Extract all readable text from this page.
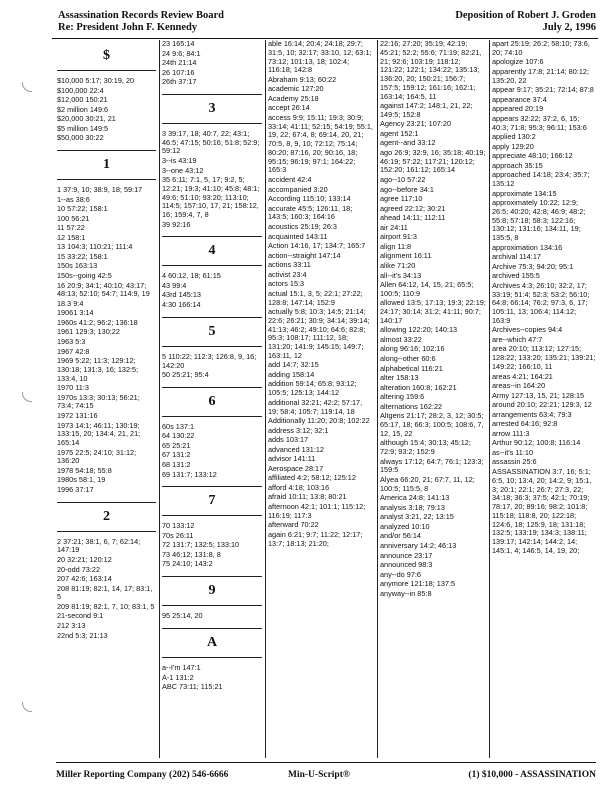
Assassination Records Review Board
Re: President John F. Kennedy
Deposition of Robert J. Groden
July 2, 1996
$
$10,000 5:17; 30:19, 20
$100,000 22:4
$12,000 150:21
$2 million 149:6
$20,000 30:21, 21
$5 million 149:5
$50,000 30:22
1
1 37:9, 10; 38:9, 18; 59:17
1--as 38:6
10 57:22; 158:1
100 56:21
11 57:22
12 158:1
13 104:3; 110:21; 111:4
15 33:22; 158:1
150s 163:13
150s--going 42:5
16 20:9; 34:1; 40:10; 43:17; 48:13; 52:10; 54:7; 114:9, 19
18.3 9:4
19061 3:14
1960s 41:2; 96:2; 136:18
1961 129:3; 130:22
1963 5:3
1967 42:8
1969 5:22; 11:3; 129:12; 130:18; 131:3, 16; 132:5; 133:4, 10
1970 11:3
1970s 13:3; 30:13; 56:21; 73:4; 74:15
1972 131:16
1973 14:1; 46:11; 130:19; 133:15, 20; 134:4, 21, 21; 165:14
1975 22:5; 24:10; 31:12; 136:20
1978 54:18; 55:8
1980s 58:1, 19
1996 37:17
2
2 37:21; 38:1, 6, 7; 62:14; 147:19
20 32:21; 120:12
20-odd 73:22
207 42:6; 163:14
208 81:19; 82:1, 14, 17; 83:1, 5
209 81:19; 82:1, 7, 10; 83:1, 5
21-second 9:1
212 3:13
22nd 5:3; 21:13
23 165:14
24 9:6; 84:1
24th 21:14
26 107:16
26th 37:17
3
3 39:17, 18; 40:7, 22; 43:1; 46:5; 47:15; 50:16; 51:8; 52:9; 59:12
3--is 43:19
3--one 43:12
35 6:11; 7:1, 5, 17; 9:2, 5; 12:21; 19:3; 41:10; 45:8; 48:1; 49:6; 51:10; 93:20; 113:10; 114:5; 157:10, 17, 21; 158:12, 16; 159:4, 7, 8
39 92:16
4
4 60:12, 18; 61:15
43 99:4
43rd 145:13
4:30 166:14
5
5 110:22; 112:3; 126:8, 9, 16; 142:20
50 25:21; 95:4
6
60s 137:1
64 130:22
65 25:21
67 131:2
68 131:2
69 131:7; 133:12
7
70 133:12
70s 26:11
72 131:7; 132:5; 133:10
73 46:12; 131:8, 8
75 24:10; 143:2
9
95 25:14, 20
A
a--I'm 147:1
A-1 131:2
ABC 73:11; 115:21
able 16:14; 20:4; 24:18; 29:7; 31:5, 10; 32:17; 33:10, 12; 63:1; 73:12; 101:13, 18; 102:4; 116:18; 142:8
Abraham 9:13; 60:22
academic 127:20
Academy 25:18
accept 26:14
access 9:9; 15:11; 19:3; 30:9; 33:14; 41:11; 52:15; 54:19; 55:1, 19, 22; 67:4, 8; 69:14, 20, 21; 70:5, 8, 9, 10; 72:12; 75:14; 80:20; 87:16, 20; 90:16, 18; 95:15; 96:19; 97:1; 164:22; 165:3
accident 42:4
accompanied 3:20
According 115:10; 133:14
accurate 45:5; 126:11, 18; 143:5; 160:3; 164:16
acoustics 25:19; 26:3
acquainted 143:11
Action 14:16, 17; 134:7; 165:7
action--straight 147:14
actions 33:11
activist 23:4
actors 15:3
actual 15:1, 3, 5; 22:1; 27:22; 128:8; 147:14; 152:9
actually 5:8; 10:3; 14:5; 21:14; 22:6; 26:21; 30:9; 34:14; 39:14; 41:13; 46:2; 49:10; 64:6; 82:8; 95:3; 108:17; 111:12, 18; 131:20; 141:9; 145:15; 149:7; 163:11, 12
add 14:7; 32:15
adding 158:14
addition 59:14; 65:8; 93:12; 105:5; 125:13; 144:12
additional 32:21; 42:2; 57:17, 19; 58:4; 105:7; 119:14, 18
Additionally 11:20; 20:8; 102:22
address 3:12; 32:1
adds 103:17
advanced 131:12
advisor 141:11
Aerospace 28:17
affiliated 4:2; 58:12; 125:12
afford 4:18; 103:16
afraid 10:11; 13:8; 80:21
afternoon 42:1; 101:1; 115:12; 116:19; 117:3
afterward 70:22
again 6:21; 9:7; 11:22; 12:17; 13:7; 18:13; 21:20;
22:16; 27:20; 35:19; 42:19; 45:21; 52:2; 55:6; 71:19; 82:21, 21; 92:6; 103:19; 118:12; 121:22; 122:1; 134:22; 135:13; 136:20, 20; 150:21; 156:7; 157:5; 159:12; 161:16; 162:1; 163:14; 164:5, 11
against 147:2; 148:1, 21, 22; 149:5; 152:8
Agency 23:21; 107:20
agent 152:1
agent--and 33:12
ago 26:9; 32:9, 16; 35:18; 40:19; 46:19; 57:22; 117:21; 120:12; 152:20; 161:12; 165:14
ago--10 57:22
ago--before 34:1
agree 117:10
agreed 22:12; 30:21
ahead 14:11; 112:11
air 24:11
airport 91:3
align 11:8
alignment 16:11
alike 71:20
all--it's 34:13
Allen 64:12, 14, 15, 21; 65:5; 100:5; 110:9
allowed 13:5; 17:13; 19:3; 22:19; 24:17; 30:14; 31:2; 41:11; 90:7; 140:17
allowing 122:20; 140:13
almost 33:22
along 96:16; 102:16
along--other 60:6
alphabetical 116:21
alter 158:13
alteration 160:8; 162:21
altering 159:6
alternations 162:22
Altgens 21:17; 28:2, 3, 12; 30:5; 65:17, 18; 66:3; 100:5; 108:6, 7, 12, 15, 22
although 15:4; 30:13; 45:12; 72:9; 93:2; 152:9
always 17:12; 64:7; 76:1; 123:3; 159:5
Alyea 66:20, 21; 67:7, 11, 12; 100:5; 115:5, 8
America 24:8; 141:13
analysis 3:18; 79:13
analyst 3:21, 22; 13:15
analyzed 10:10
and/or 56:14
anniversary 14:2; 46:13
announce 23:17
announced 98:3
any--do 97:6
anymore 121:18; 137:5
anyway--in 85:8
apart 25:19; 26:2; 58:10; 73:6, 20; 74:10
apologize 107:6
apparently 17:8; 21:14; 80:12; 135:20, 22
appear 9:17; 35:21; 72:14; 87:8
appearance 37:4
appeared 20:19
appears 32:22; 37:2, 6, 15; 40:3; 71:8; 95:3; 96:11; 153:6
applied 130:2
apply 129:20
appreciate 48:10; 166:12
approach 35:15
approached 14:18; 23:4; 35:7; 135:12
approximate 134:15
approximately 10:22; 12:9; 26:5; 40:20; 42:8; 46:9; 48:2; 55:8; 57:18; 58:3; 122:16; 130:12; 131:16; 134:11, 19; 135:5, 8
approximation 134:16
archival 114:17
Archive 75:3; 94:20; 95:1
archived 155:5
Archives 4:3; 26:10; 32:2, 17; 33:19; 51:4; 52:3; 53:2; 56:10; 64:8; 66:14; 76:2; 97:3, 6, 17; 105:11, 13; 106:4; 114:12; 163:9
Archives--copies 94:4
are--which 47:7
area 20:10; 113:12; 127:15; 128:22; 133:20; 135:21; 139:21; 149:22; 166:10, 11
areas 4:21; 164:21
areas--in 164:20
Army 127:13, 15, 21; 128:15
around 20:10; 22:21; 129:3, 12
arrangements 63:4; 79:3
arrested 64:16; 92:8
arrow 111:3
Arthur 90:12; 100:8; 116:14
as--it's 11:10
assassin 25:6
ASSASSINATION 3:7, 16; 5:1; 6:5, 10; 13:4, 20; 14:2, 9; 15:1, 3; 20:1; 22:1; 26:7; 27:3, 22; 34:18; 36:3; 37:5; 42:1; 70:19; 78:17, 20; 89:16; 98:2; 101:8; 115:18; 118:8, 20; 122:18; 124:6, 18; 125:9, 18; 131:18; 132:5; 133:19; 134:3; 138:11; 139:17; 142:14; 144:2, 14; 145:1, 4; 146:5, 14, 19, 20;
Miller Reporting Company (202) 546-6666	Min-U-Script®	(1) $10,000 - ASSASSINATION
